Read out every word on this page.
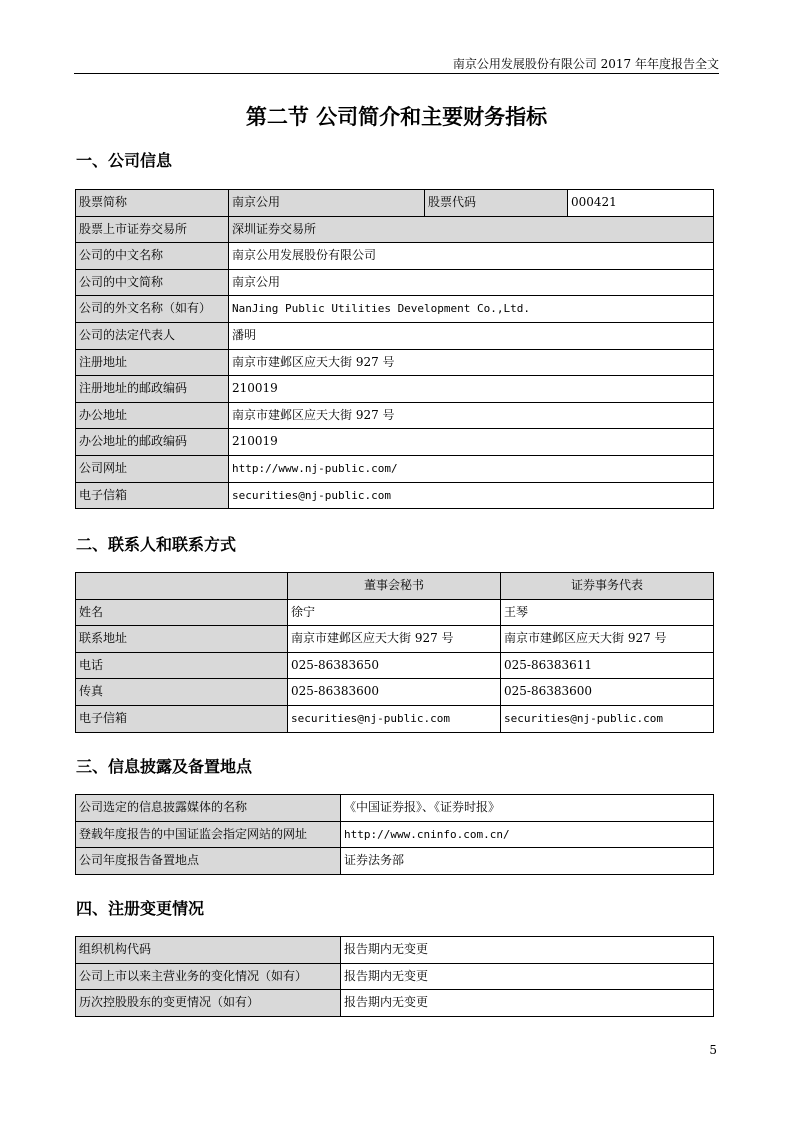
南京公用发展股份有限公司 2017 年年度报告全文
第二节 公司简介和主要财务指标
一、公司信息
股票简称	南京公用	股票代码	000421
股票上市证券交易所	深圳证券交易所		
公司的中文名称	南京公用发展股份有限公司		
公司的中文简称	南京公用		
公司的外文名称（如有）	NanJing Public Utilities Development Co.,Ltd.		
公司的法定代表人	潘明		
注册地址	南京市建邺区应天大街 927 号		
注册地址的邮政编码	210019		
办公地址	南京市建邺区应天大街 927 号		
办公地址的邮政编码	210019		
公司网址	http://www.nj-public.com/		
电子信箱	securities@nj-public.com		
二、联系人和联系方式
	董事会秘书	证券事务代表
姓名	徐宁	王琴
联系地址	南京市建邺区应天大街 927 号	南京市建邺区应天大街 927 号
电话	025-86383650	025-86383611
传真	025-86383600	025-86383600
电子信箱	securities@nj-public.com	securities@nj-public.com
三、信息披露及备置地点
公司选定的信息披露媒体的名称	《中国证券报》、《证券时报》
登载年度报告的中国证监会指定网站的网址	http://www.cninfo.com.cn/
公司年度报告备置地点	证券法务部
四、注册变更情况
组织机构代码	报告期内无变更
公司上市以来主营业务的变化情况（如有）	报告期内无变更
历次控股股东的变更情况（如有）	报告期内无变更
5
